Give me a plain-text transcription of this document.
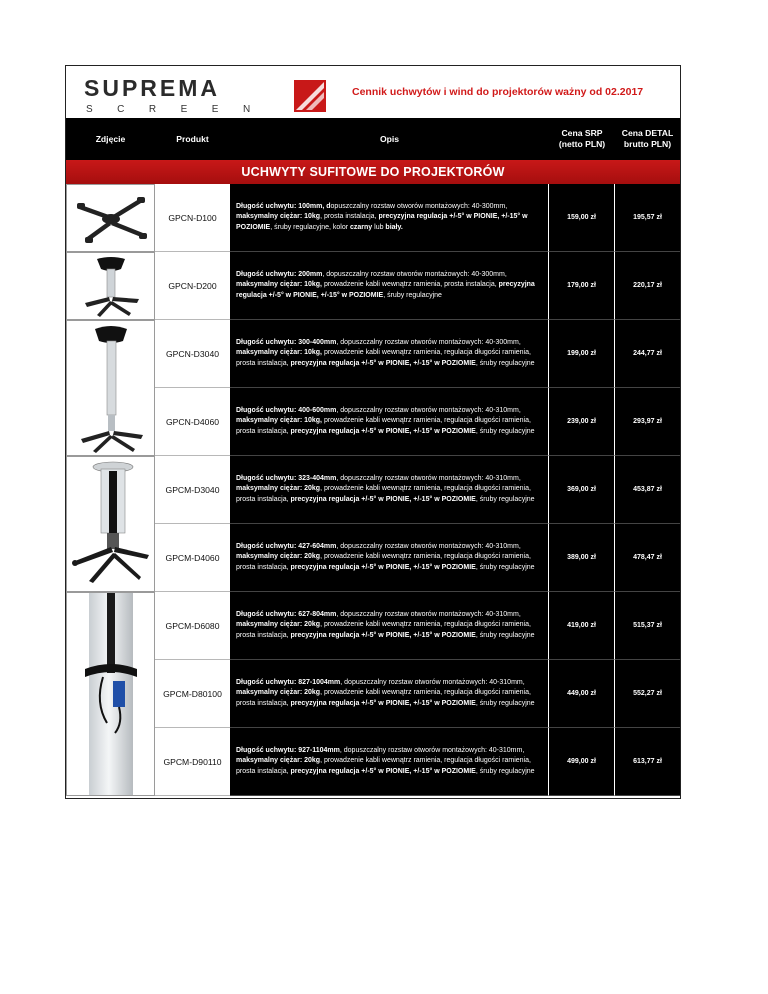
SUPREMA
SCREEN
Cennik uchwytów i wind do projektorów ważny od 02.2017
Zdjęcie	Produkt	Opis
Cena SRP (netto PLN)
Cena DETAL brutto PLN)
UCHWYTY SUFITOWE DO PROJEKTORÓW
GPCN-D100
Długość uchwytu: 100mm, dopuszczalny rozstaw otworów montażowych: 40-300mm, maksymalny ciężar: 10kg, prosta instalacja, precyzyjna regulacja +/-5° w PIONIE, +/-15° w POZIOMIE, śruby regulacyjne, kolor czarny lub biały.
159,00 zł	195,57 zł
GPCN-D200
Długość uchwytu: 200mm, dopuszczalny rozstaw otworów montażowych: 40-300mm, maksymalny ciężar: 10kg, prowadzenie kabli wewnątrz ramienia, prosta instalacja, precyzyjna regulacja +/-5° w PIONIE, +/-15° w POZIOMIE, śruby regulacyjne
179,00 zł	220,17 zł
GPCN-D3040
Długość uchwytu: 300-400mm, dopuszczalny rozstaw otworów montażowych: 40-300mm, maksymalny ciężar: 10kg, prowadzenie kabli wewnątrz ramienia, regulacja długości ramienia, prosta instalacja, precyzyjna regulacja +/-5° w PIONIE, +/-15° w POZIOMIE, śruby regulacyjne
199,00 zł	244,77 zł
GPCN-D4060
Długość uchwytu: 400-600mm, dopuszczalny rozstaw otworów montażowych: 40-310mm, maksymalny ciężar: 10kg, prowadzenie kabli wewnątrz ramienia, regulacja długości ramienia, prosta instalacja, precyzyjna regulacja +/-5° w PIONIE, +/-15° w POZIOMIE, śruby regulacyjne
239,00 zł	293,97 zł
GPCM-D3040
Długość uchwytu: 323-404mm, dopuszczalny rozstaw otworów montażowych: 40-310mm, maksymalny ciężar: 20kg, prowadzenie kabli wewnątrz ramienia, regulacja długości ramienia, prosta instalacja, precyzyjna regulacja +/-5° w PIONIE, +/-15° w POZIOMIE, śruby regulacyjne
369,00 zł	453,87 zł
GPCM-D4060
Długość uchwytu: 427-604mm, dopuszczalny rozstaw otworów montażowych: 40-310mm, maksymalny ciężar: 20kg, prowadzenie kabli wewnątrz ramienia, regulacja długości ramienia, prosta instalacja, precyzyjna regulacja +/-5° w PIONIE, +/-15° w POZIOMIE, śruby regulacyjne
389,00 zł	478,47 zł
GPCM-D6080
Długość uchwytu: 627-804mm, dopuszczalny rozstaw otworów montażowych: 40-310mm, maksymalny ciężar: 20kg, prowadzenie kabli wewnątrz ramienia, regulacja długości ramienia, prosta instalacja, precyzyjna regulacja +/-5° w PIONIE, +/-15° w POZIOMIE, śruby regulacyjne
419,00 zł	515,37 zł
GPCM-D80100
Długość uchwytu: 827-1004mm, dopuszczalny rozstaw otworów montażowych: 40-310mm, maksymalny ciężar: 20kg, prowadzenie kabli wewnątrz ramienia, regulacja długości ramienia, prosta instalacja, precyzyjna regulacja +/-5° w PIONIE, +/-15° w POZIOMIE, śruby regulacyjne
449,00 zł	552,27 zł
GPCM-D90110
Długość uchwytu: 927-1104mm, dopuszczalny rozstaw otworów montażowych: 40-310mm, maksymalny ciężar: 20kg, prowadzenie kabli wewnątrz ramienia, regulacja długości ramienia, prosta instalacja, precyzyjna regulacja +/-5° w PIONIE, +/-15° w POZIOMIE, śruby regulacyjne
499,00 zł	613,77 zł
